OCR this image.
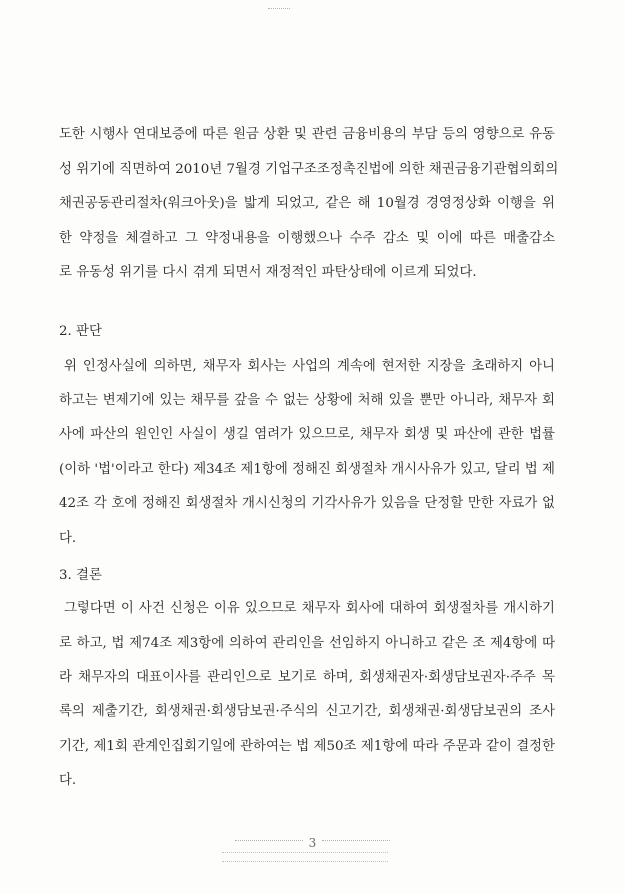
도한 시행사 연대보증에 따른 원금 상환 및 관련 금융비용의 부담 등의 영향으로 유동
성 위기에 직면하여 2010년 7월경 기업구조조정촉진법에 의한 채권금융기관협의회의
채권공동관리절차(워크아웃)을 밟게 되었고, 같은 해 10월경 경영정상화 이행을 위
한 약정을 체결하고 그 약정내용을 이행했으나 수주 감소 및 이에 따른 매출감소
로 유동성 위기를 다시 겪게 되면서 재정적인 파탄상태에 이르게 되었다.
2. 판단
위 인정사실에 의하면, 채무자 회사는 사업의 계속에 현저한 지장을 초래하지 아니
하고는 변제기에 있는 채무를 갚을 수 없는 상황에 처해 있을 뿐만 아니라, 채무자 회
사에 파산의 원인인 사실이 생길 염려가 있으므로, 채무자 회생 및 파산에 관한 법률
(이하 '법'이라고 한다) 제34조 제1항에 정해진 회생절차 개시사유가 있고, 달리 법 제
42조 각 호에 정해진 회생절차 개시신청의 기각사유가 있음을 단정할 만한 자료가 없
다.
3. 결론
그렇다면 이 사건 신청은 이유 있으므로 채무자 회사에 대하여 회생절차를 개시하기
로 하고, 법 제74조 제3항에 의하여 관리인을 선임하지 아니하고 같은 조 제4항에 따
라 채무자의 대표이사를 관리인으로 보기로 하며, 회생채권자·회생담보권자·주주 목
록의 제출기간, 회생채권·회생담보권·주식의 신고기간, 회생채권·회생담보권의 조사
기간, 제1회 관계인집회기일에 관하여는 법 제50조 제1항에 따라 주문과 같이 결정한
다.
3
